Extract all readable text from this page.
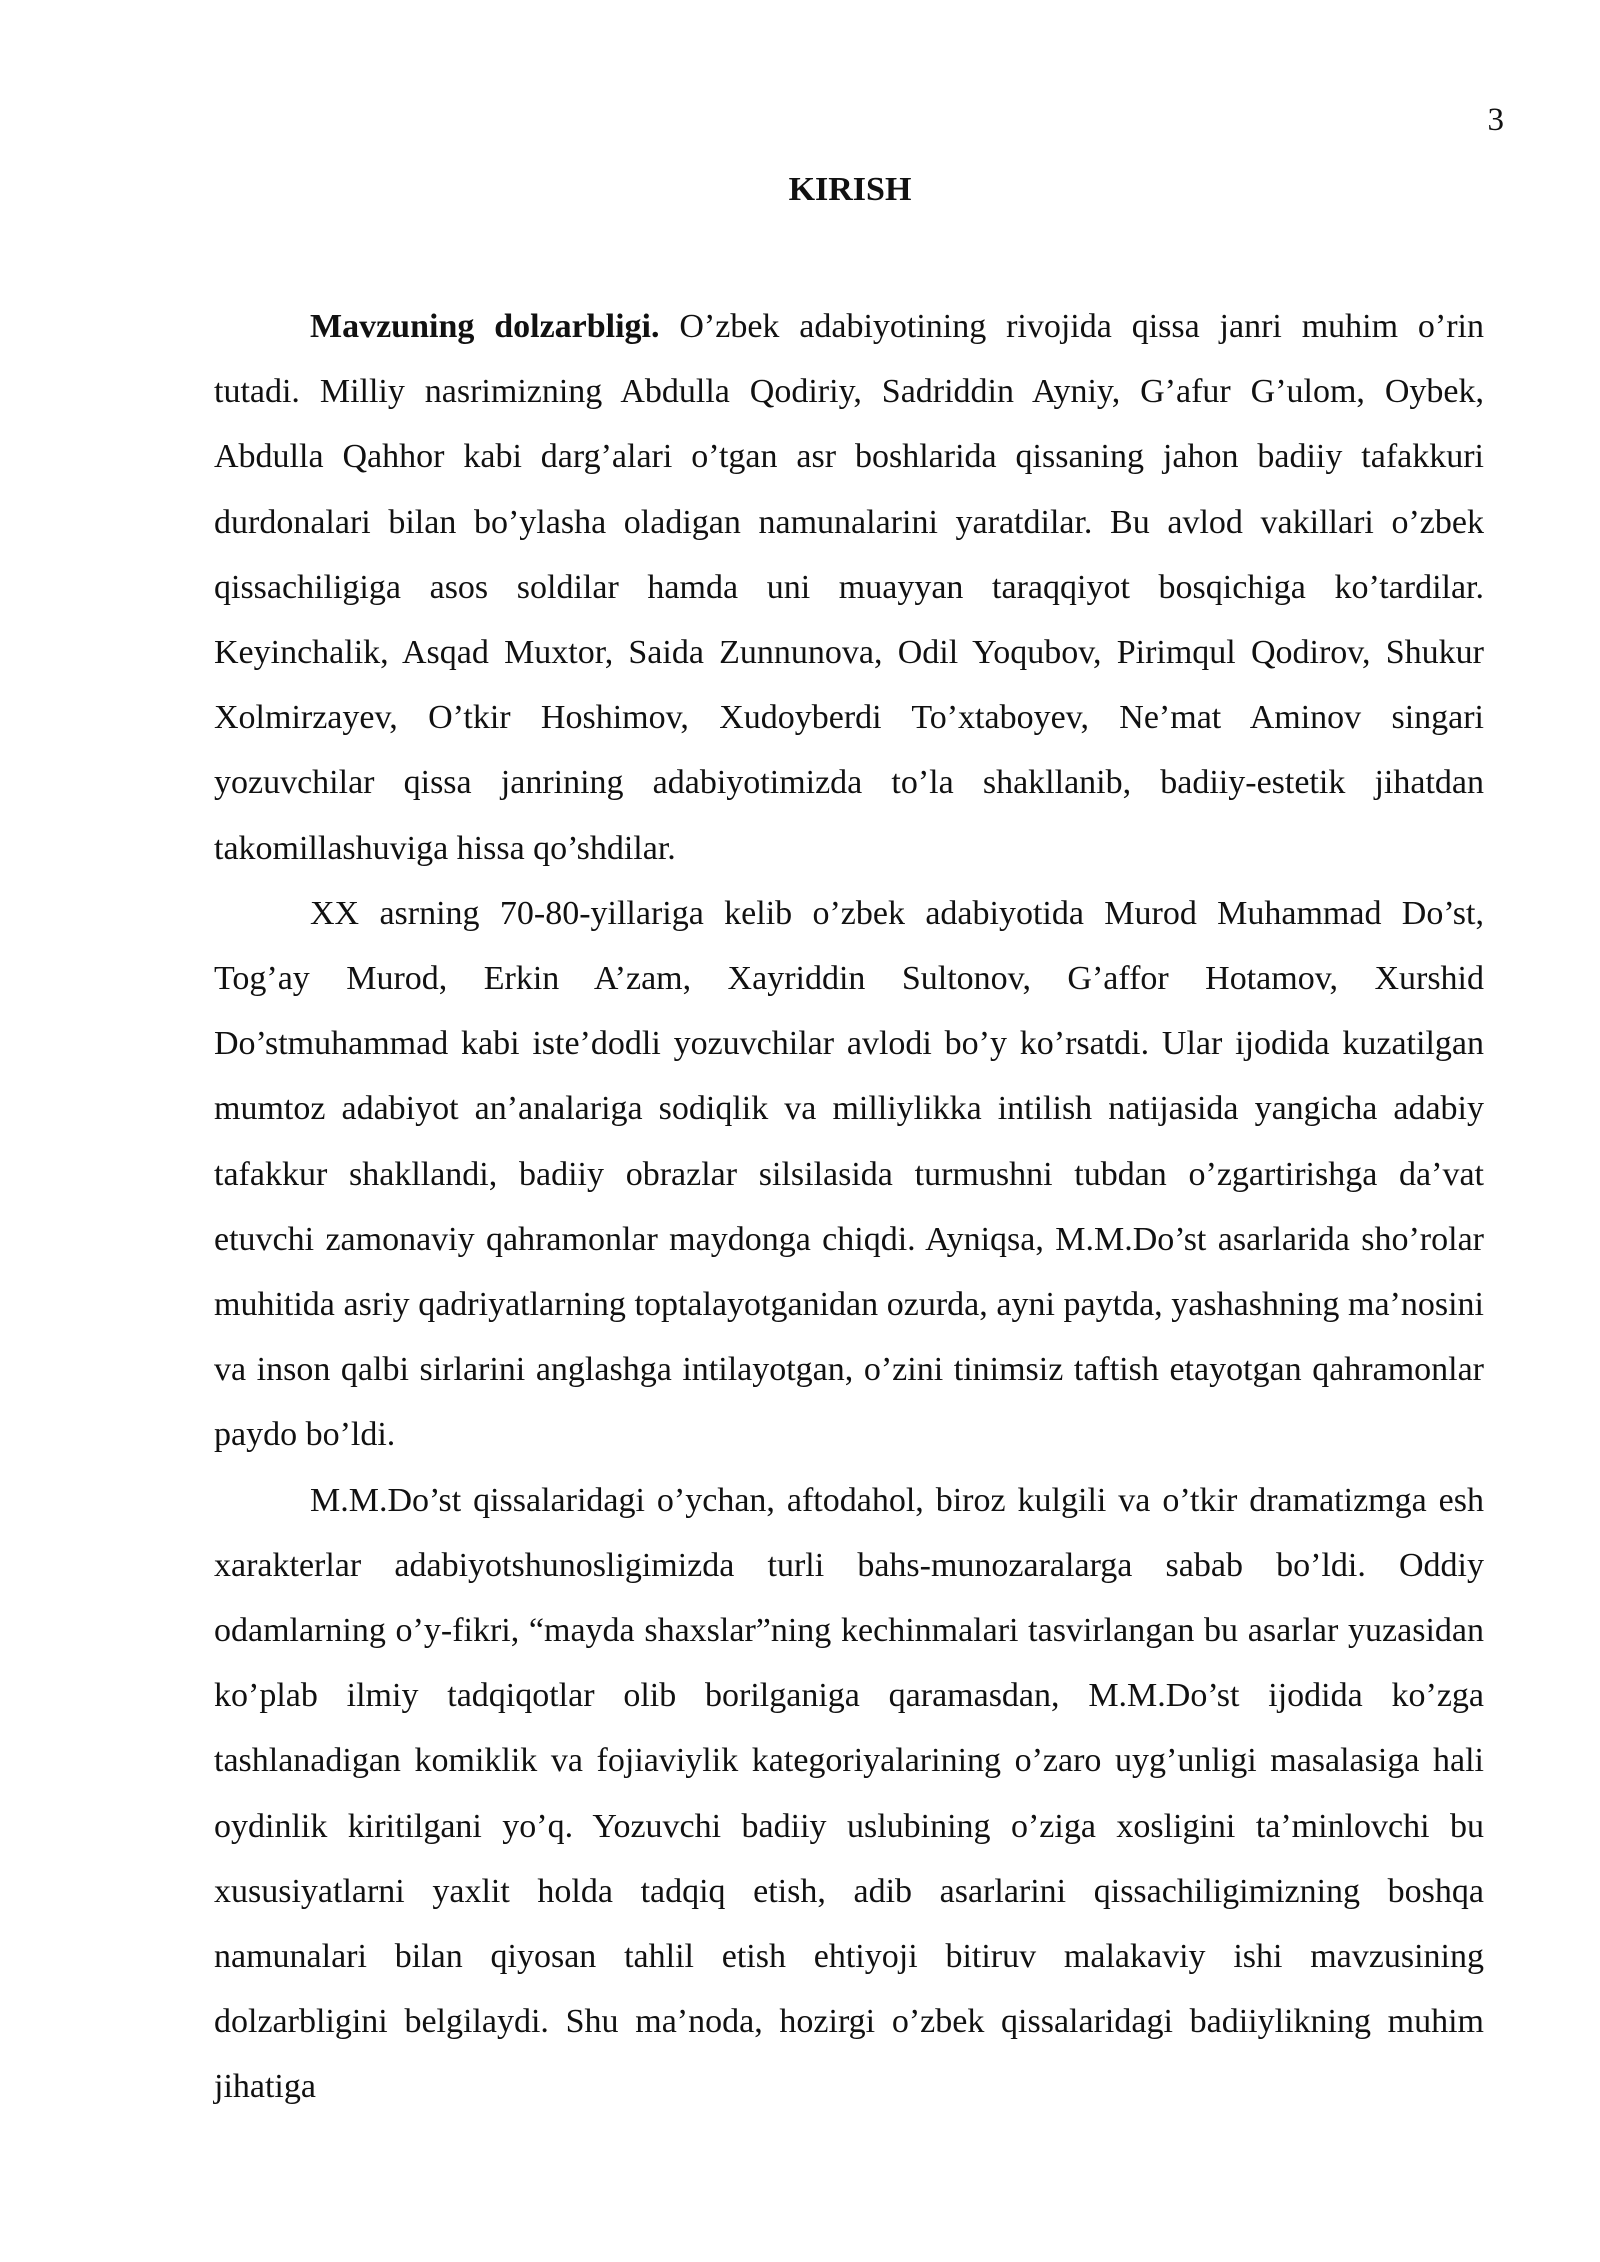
3
KIRISH

Mavzuning dolzarbligi. O’zbek adabiyotining rivojida qissa janri muhim o’rin tutadi. Milliy nasrimizning Abdulla Qodiriy, Sadriddin Ayniy, G’afur G’ulom, Oybek, Abdulla Qahhor kabi darg’alari o’tgan asr boshlarida qissaning jahon badiiy tafakkuri durdonalari bilan bo’ylasha oladigan namunalarini yaratdilar. Bu avlod vakillari o’zbek qissachiligiga asos soldilar hamda uni muayyan taraqqiyot bosqichiga ko’tardilar. Keyinchalik, Asqad Muxtor, Saida Zunnunova, Odil Yoqubov, Pirimqul Qodirov, Shukur Xolmirzayev, O’tkir Hoshimov, Xudoyberdi To’xtaboyev, Ne’mat Aminov singari yozuvchilar qissa janrining adabiyotimizda to’la shakllanib, badiiy-estetik jihatdan takomillashuviga hissa qo’shdilar.

XX asrning 70-80-yillariga kelib o’zbek adabiyotida Murod Muhammad Do’st, Tog’ay Murod, Erkin A’zam, Xayriddin Sultonov, G’affor Hotamov, Xurshid Do’stmuhammad kabi iste’dodli yozuvchilar avlodi bo’y ko’rsatdi. Ular ijodida kuzatilgan mumtoz adabiyot an’analariga sodiqlik va milliylikka intilish natijasida yangicha adabiy tafakkur shakllandi, badiiy obrazlar silsilasida turmushni tubdan o’zgartirishga da’vat etuvchi zamonaviy qahramonlar maydonga chiqdi. Ayniqsa, M.M.Do’st asarlarida sho’rolar muhitida asriy qadriyatlarning toptalayotganidan ozurda, ayni paytda, yashashning ma’nosini va inson qalbi sirlarini anglashga intilayotgan, o’zini tinimsiz taftish etayotgan qahramonlar paydo bo’ldi.

M.M.Do’st qissalaridagi o’ychan, aftodahol, biroz kulgili va o’tkir dramatizmga esh xarakterlar adabiyotshunosligimizda turli bahs-munozaralarga sabab bo’ldi. Oddiy odamlarning o’y-fikri, “mayda shaxslar”ning kechinmalari tasvirlangan bu asarlar yuzasidan ko’plab ilmiy tadqiqotlar olib borilganiga qaramasdan, M.M.Do’st ijodida ko’zga tashlanadigan komiklik va fojiaviylik kategoriyalarining o’zaro uyg’unligi masalasiga hali oydinlik kiritilgani yo’q. Yozuvchi badiiy uslubining o’ziga xosligini ta’minlovchi bu xususiyatlarni yaxlit holda tadqiq etish, adib asarlarini qissachiligimizning boshqa namunalari bilan qiyosan tahlil etish ehtiyoji bitiruv malakaviy ishi mavzusining dolzarbligini belgilaydi. Shu ma’noda, hozirgi o’zbek qissalaridagi badiiylikning muhim jihatiga
